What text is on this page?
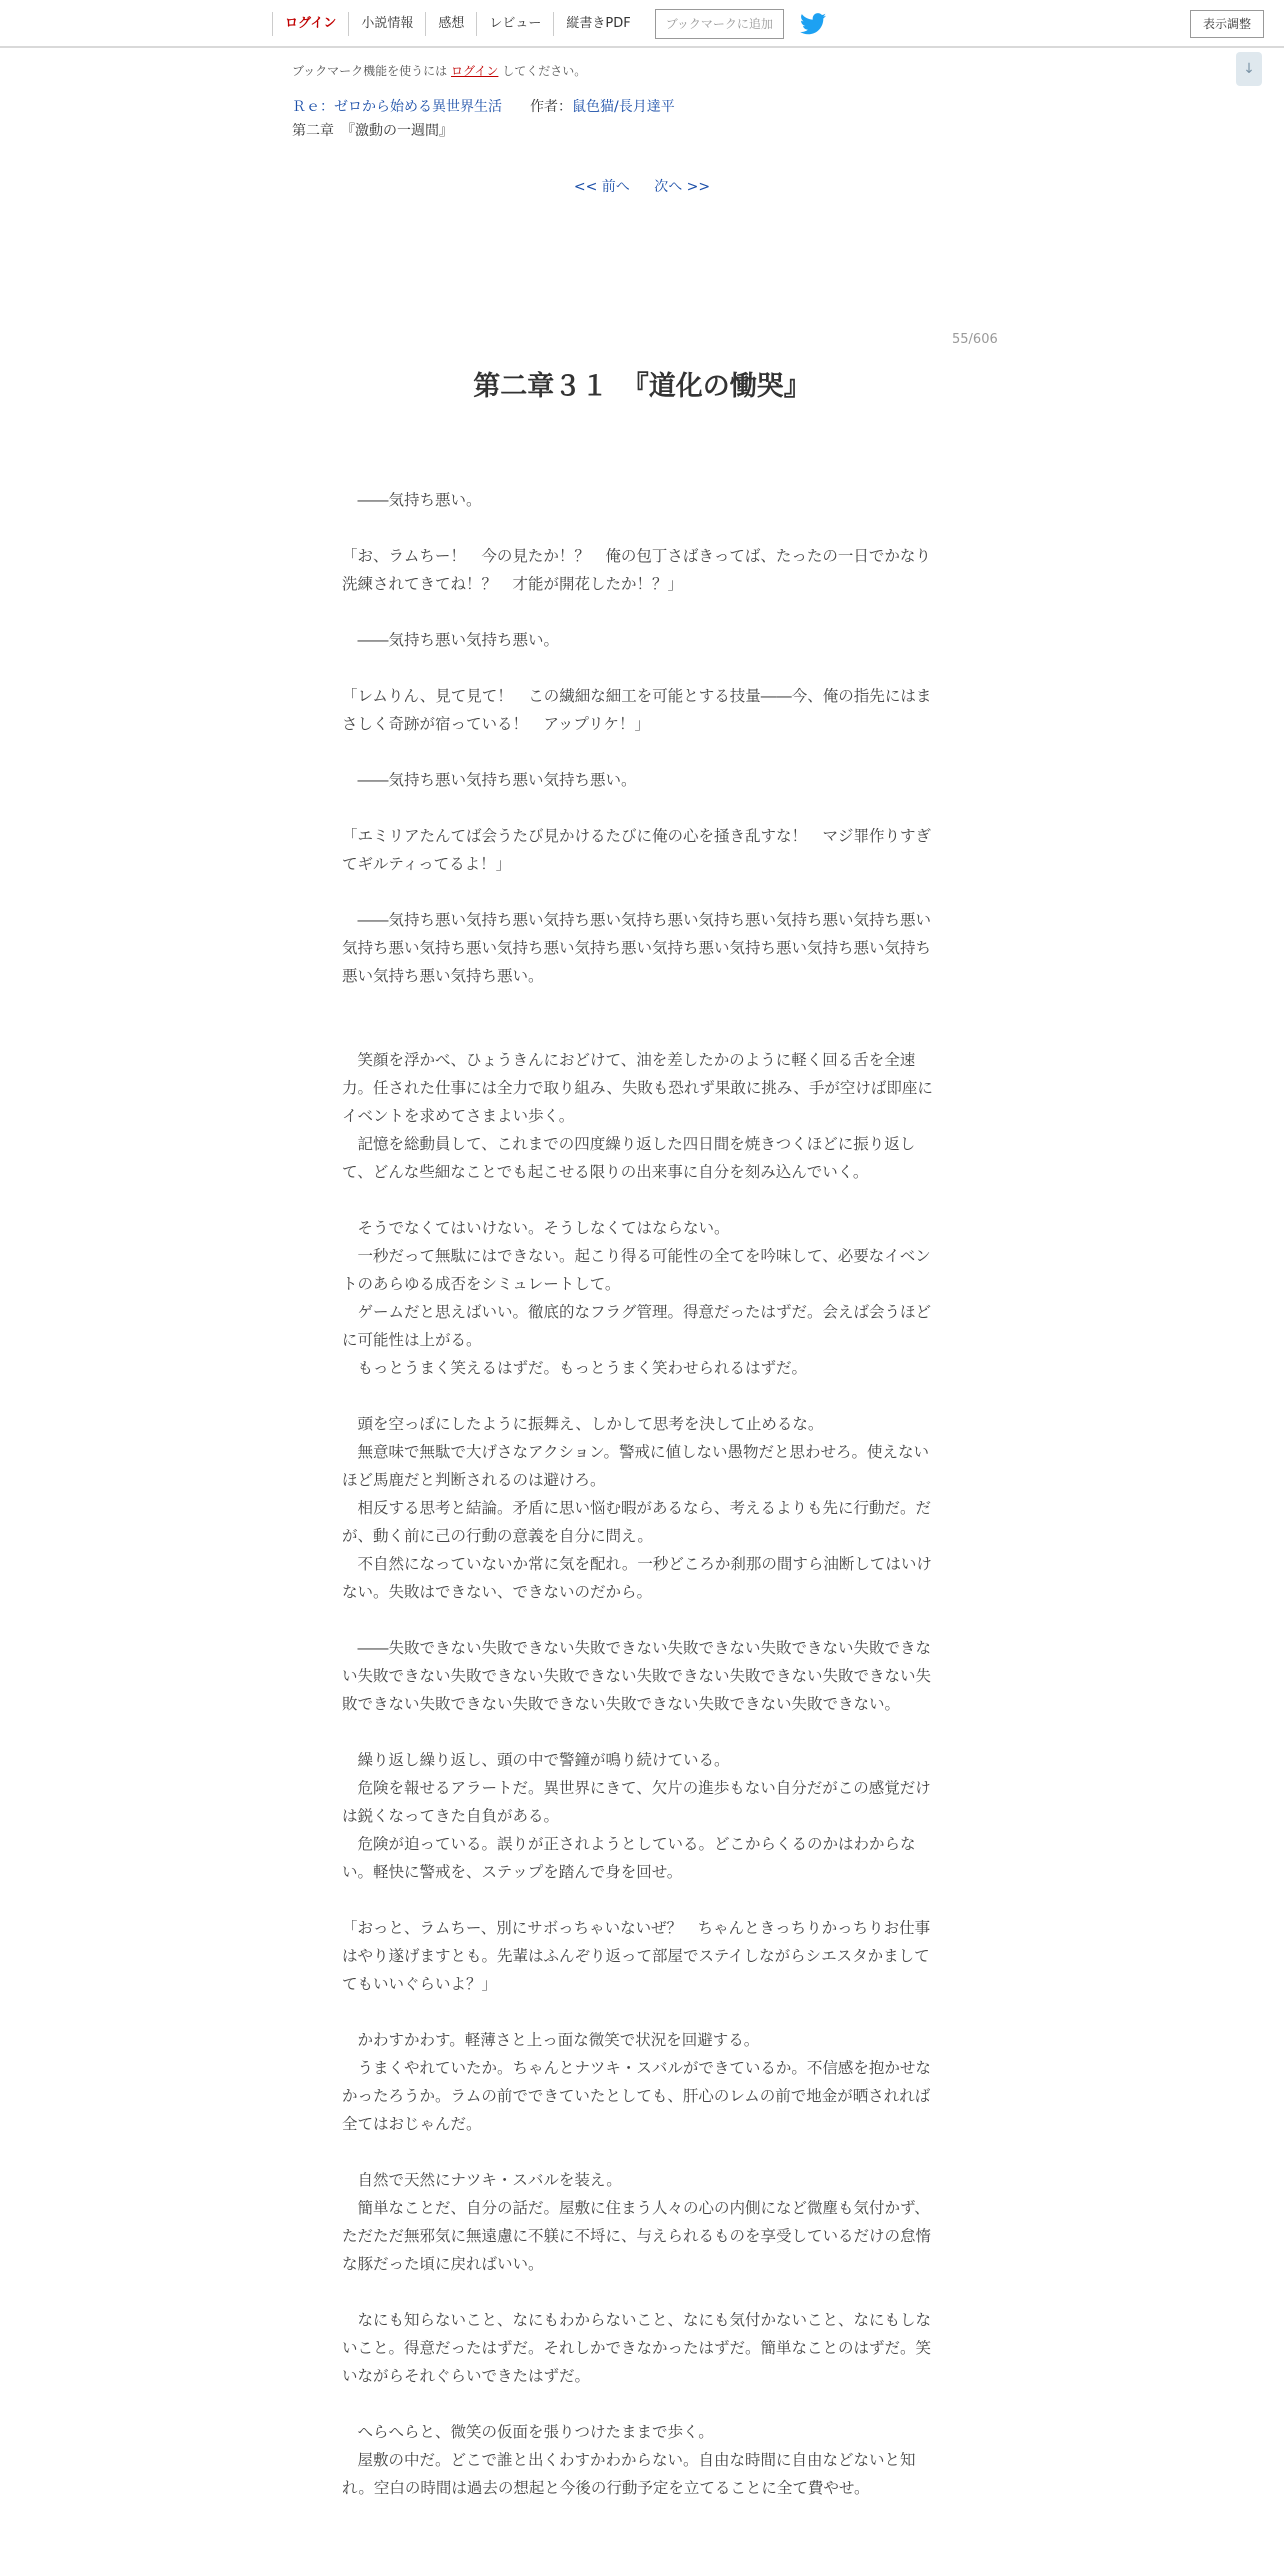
ログイン	小説情報	感想	レビュー	縦書きPDF	ブックマークに追加	表示調整
↓
ブックマーク機能を使うには ログイン してください。
Ｒｅ：ゼロから始める異世界生活　　 作者：鼠色猫/長月達平
第二章　『激動の一週間』
<< 前へ 次へ >>
55/606
第二章３１　『道化の慟哭』

　――気持ち悪い。

「お、ラムちー！　今の見たか！？　俺の包丁さばきってば、たったの一日でかなり洗練されてきてね！？　才能が開花したか！？」

　――気持ち悪い気持ち悪い。

「レムりん、見て見て！　この繊細な細工を可能とする技量――今、俺の指先にはまさしく奇跡が宿っている！　アップリケ！」

　――気持ち悪い気持ち悪い気持ち悪い。

「エミリアたんてば会うたび見かけるたびに俺の心を掻き乱すな！　マジ罪作りすぎてギルティってるよ！」

　――気持ち悪い気持ち悪い気持ち悪い気持ち悪い気持ち悪い気持ち悪い気持ち悪い気持ち悪い気持ち悪い気持ち悪い気持ち悪い気持ち悪い気持ち悪い気持ち悪い気持ち悪い気持ち悪い気持ち悪い。

　笑顔を浮かべ、ひょうきんにおどけて、油を差したかのように軽く回る舌を全速力。任された仕事には全力で取り組み、失敗も恐れず果敢に挑み、手が空けば即座にイベントを求めてさまよい歩く。

　記憶を総動員して、これまでの四度繰り返した四日間を焼きつくほどに振り返して、どんな些細なことでも起こせる限りの出来事に自分を刻み込んでいく。

　そうでなくてはいけない。そうしなくてはならない。

　一秒だって無駄にはできない。起こり得る可能性の全てを吟味して、必要なイベントのあらゆる成否をシミュレートして。

　ゲームだと思えばいい。徹底的なフラグ管理。得意だったはずだ。会えば会うほどに可能性は上がる。

　もっとうまく笑えるはずだ。もっとうまく笑わせられるはずだ。

　頭を空っぽにしたように振舞え、しかして思考を決して止めるな。

　無意味で無駄で大げさなアクション。警戒に値しない愚物だと思わせろ。使えないほど馬鹿だと判断されるのは避けろ。

　相反する思考と結論。矛盾に思い悩む暇があるなら、考えるよりも先に行動だ。だが、動く前に己の行動の意義を自分に問え。

　不自然になっていないか常に気を配れ。一秒どころか刹那の間すら油断してはいけない。失敗はできない、できないのだから。

　――失敗できない失敗できない失敗できない失敗できない失敗できない失敗できない失敗できない失敗できない失敗できない失敗できない失敗できない失敗できない失敗できない失敗できない失敗できない失敗できない失敗できない失敗できない。

　繰り返し繰り返し、頭の中で警鐘が鳴り続けている。

　危険を報せるアラートだ。異世界にきて、欠片の進歩もない自分だがこの感覚だけは鋭くなってきた自負がある。

　危険が迫っている。誤りが正されようとしている。どこからくるのかはわからない。軽快に警戒を、ステップを踏んで身を回せ。

「おっと、ラムちー、別にサボっちゃいないぜ？　ちゃんときっちりかっちりお仕事はやり遂げますとも。先輩はふんぞり返って部屋でステイしながらシエスタかましててもいいぐらいよ？」

　かわすかわす。軽薄さと上っ面な微笑で状況を回避する。

　うまくやれていたか。ちゃんとナツキ・スバルができているか。不信感を抱かせなかったろうか。ラムの前でできていたとしても、肝心のレムの前で地金が晒されれば全てはおじゃんだ。

　自然で天然にナツキ・スバルを装え。

　簡単なことだ、自分の話だ。屋敷に住まう人々の心の内側になど微塵も気付かず、ただただ無邪気に無遠慮に不躾に不埒に、与えられるものを享受しているだけの怠惰な豚だった頃に戻ればいい。

　なにも知らないこと、なにもわからないこと、なにも気付かないこと、なにもしないこと。得意だったはずだ。それしかできなかったはずだ。簡単なことのはずだ。笑いながらそれぐらいできたはずだ。

　へらへらと、微笑の仮面を張りつけたままで歩く。

　屋敷の中だ。どこで誰と出くわすかわからない。自由な時間に自由などないと知れ。空白の時間は過去の想起と今後の行動予定を立てることに全て費やせ。
